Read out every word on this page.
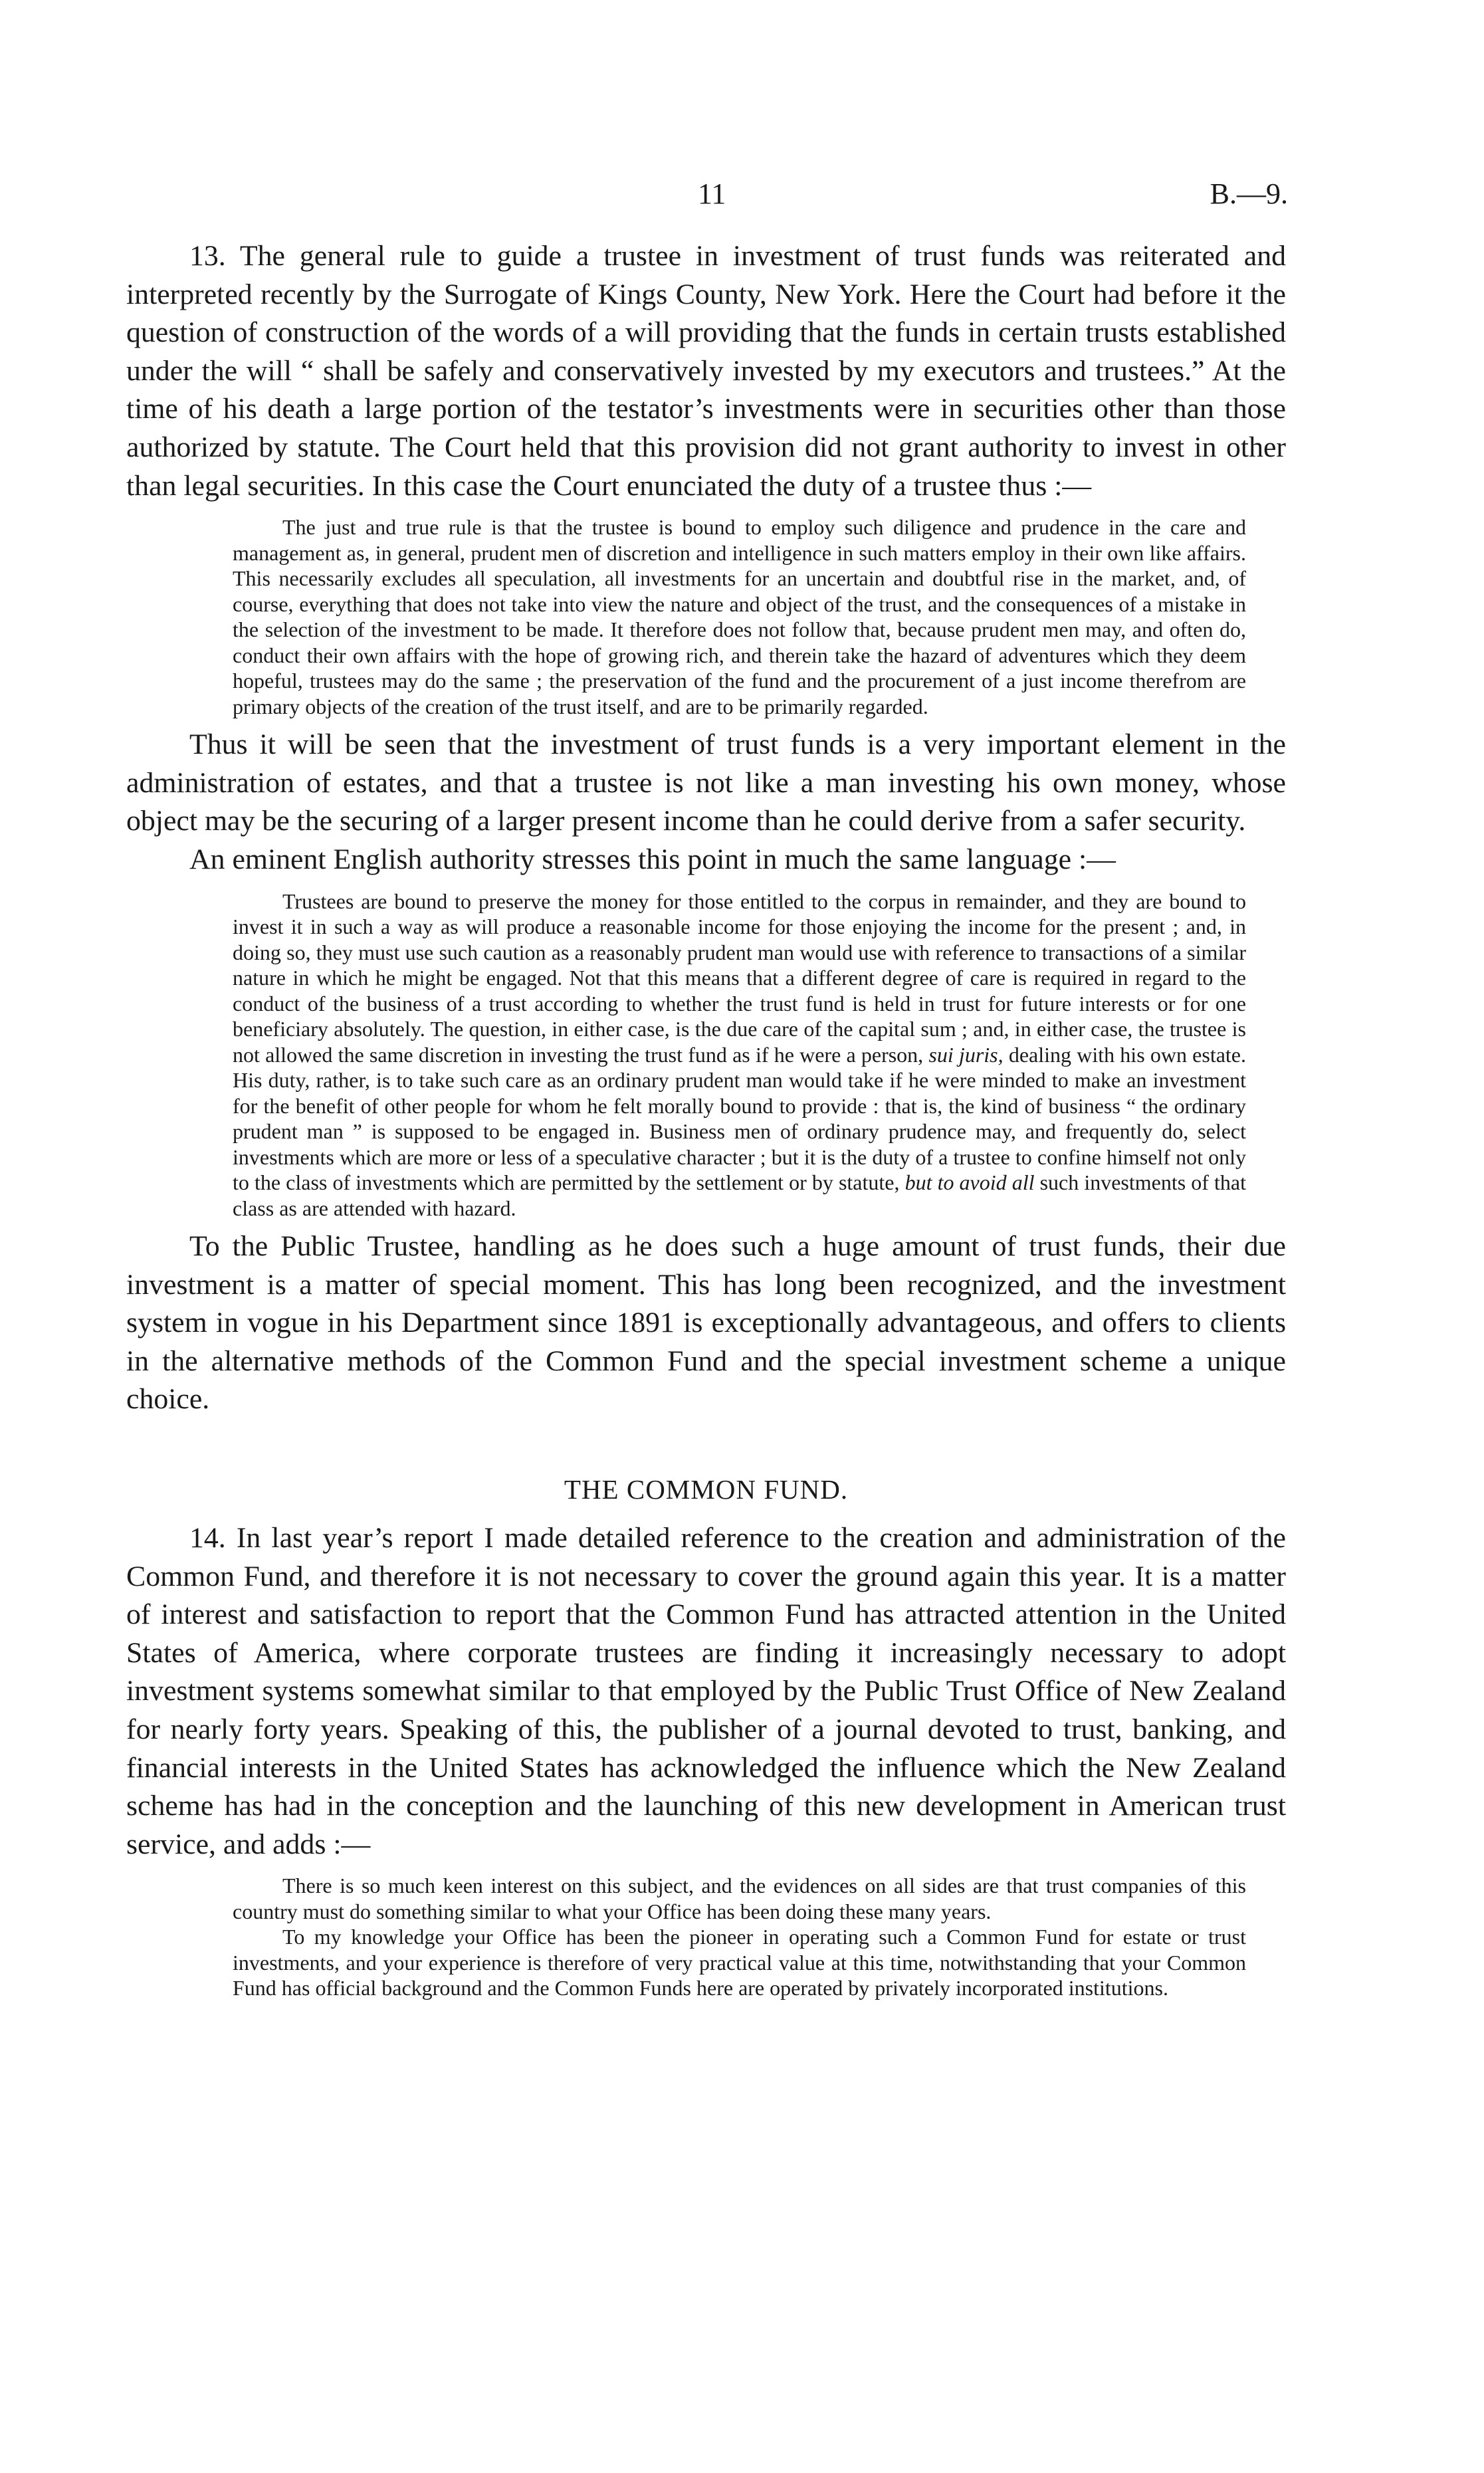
11	B.—9.

13. The general rule to guide a trustee in investment of trust funds was reiterated and interpreted recently by the Surrogate of Kings County, New York. Here the Court had before it the question of construction of the words of a will providing that the funds in certain trusts established under the will “ shall be safely and conservatively invested by my executors and trustees.” At the time of his death a large portion of the testator’s investments were in securities other than those authorized by statute. The Court held that this provision did not grant authority to invest in other than legal securities. In this case the Court enunciated the duty of a trustee thus :—

The just and true rule is that the trustee is bound to employ such diligence and prudence in the care and management as, in general, prudent men of discretion and intelligence in such matters employ in their own like affairs. This necessarily excludes all speculation, all investments for an uncertain and doubtful rise in the market, and, of course, everything that does not take into view the nature and object of the trust, and the consequences of a mistake in the selection of the investment to be made. It therefore does not follow that, because prudent men may, and often do, conduct their own affairs with the hope of growing rich, and therein take the hazard of adventures which they deem hopeful, trustees may do the same ; the preservation of the fund and the procurement of a just income therefrom are primary objects of the creation of the trust itself, and are to be primarily regarded.

Thus it will be seen that the investment of trust funds is a very important element in the administration of estates, and that a trustee is not like a man investing his own money, whose object may be the securing of a larger present income than he could derive from a safer security.

An eminent English authority stresses this point in much the same language :—

Trustees are bound to preserve the money for those entitled to the corpus in remainder, and they are bound to invest it in such a way as will produce a reasonable income for those enjoying the income for the present ; and, in doing so, they must use such caution as a reasonably prudent man would use with reference to transactions of a similar nature in which he might be engaged. Not that this means that a different degree of care is required in regard to the conduct of the business of a trust according to whether the trust fund is held in trust for future interests or for one beneficiary absolutely. The question, in either case, is the due care of the capital sum ; and, in either case, the trustee is not allowed the same discretion in investing the trust fund as if he were a person, sui juris, dealing with his own estate. His duty, rather, is to take such care as an ordinary prudent man would take if he were minded to make an investment for the benefit of other people for whom he felt morally bound to provide : that is, the kind of business “ the ordinary prudent man ” is supposed to be engaged in. Business men of ordinary prudence may, and frequently do, select investments which are more or less of a speculative character ; but it is the duty of a trustee to confine himself not only to the class of investments which are permitted by the settlement or by statute, but to avoid all such investments of that class as are attended with hazard.

To the Public Trustee, handling as he does such a huge amount of trust funds, their due investment is a matter of special moment. This has long been recognized, and the investment system in vogue in his Department since 1891 is exceptionally advantageous, and offers to clients in the alternative methods of the Common Fund and the special investment scheme a unique choice.

THE COMMON FUND.

14. In last year’s report I made detailed reference to the creation and administration of the Common Fund, and therefore it is not necessary to cover the ground again this year. It is a matter of interest and satisfaction to report that the Common Fund has attracted attention in the United States of America, where corporate trustees are finding it increasingly necessary to adopt investment systems somewhat similar to that employed by the Public Trust Office of New Zealand for nearly forty years. Speaking of this, the publisher of a journal devoted to trust, banking, and financial interests in the United States has acknowledged the influence which the New Zealand scheme has had in the conception and the launching of this new development in American trust service, and adds :—

There is so much keen interest on this subject, and the evidences on all sides are that trust companies of this country must do something similar to what your Office has been doing these many years.

To my knowledge your Office has been the pioneer in operating such a Common Fund for estate or trust investments, and your experience is therefore of very practical value at this time, notwithstanding that your Common Fund has official background and the Common Funds here are operated by privately incorporated institutions.
